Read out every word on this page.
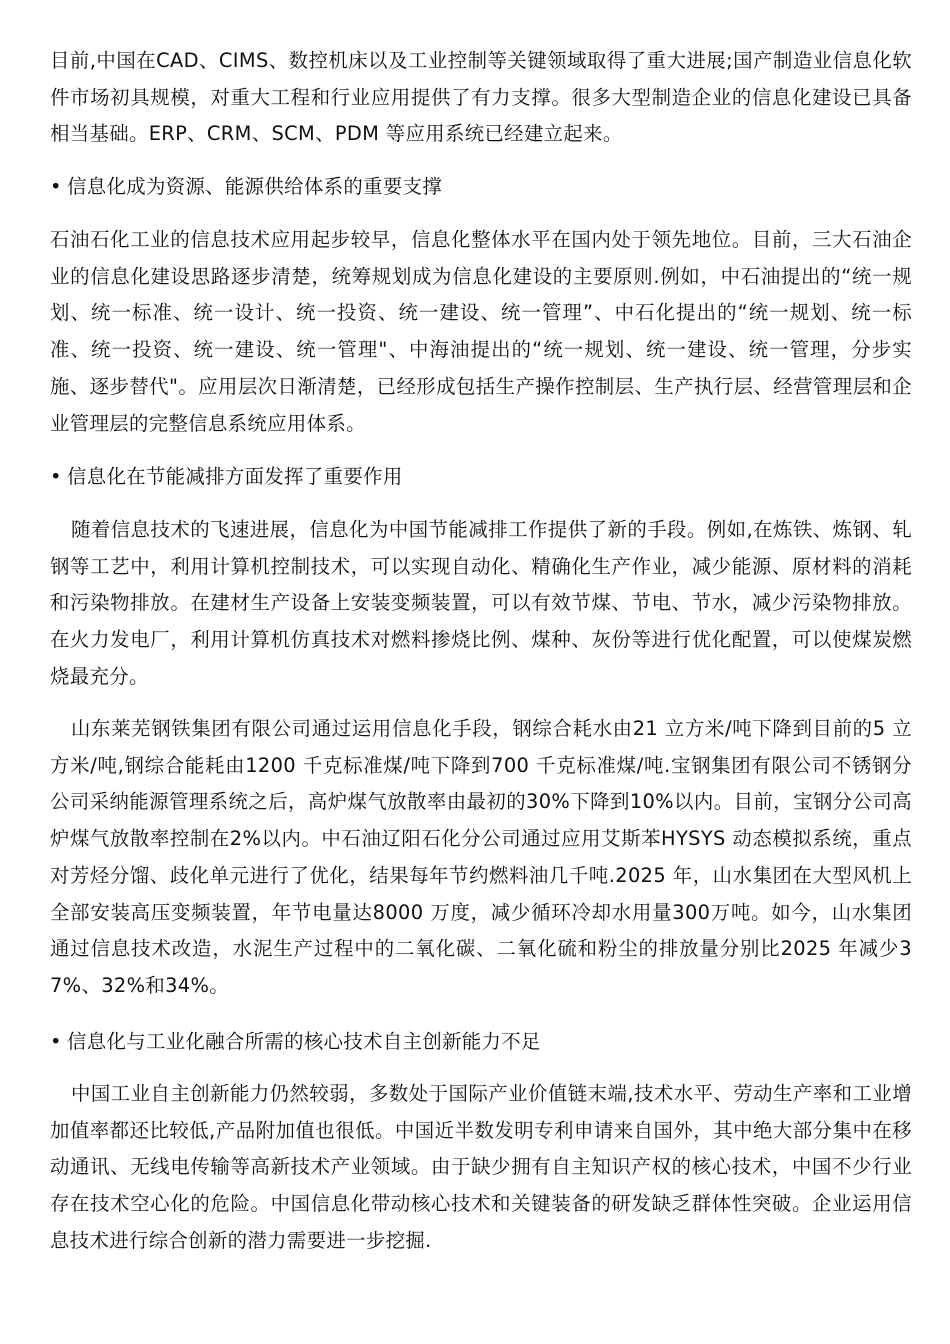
目前,中国在CAD、CIMS、数控机床以及工业控制等关键领域取得了重大进展;国产制造业信息化软件市场初具规模，对重大工程和行业应用提供了有力支撑。很多大型制造企业的信息化建设已具备相当基础。ERP、CRM、SCM、PDM 等应用系统已经建立起来。

• 信息化成为资源、能源供给体系的重要支撑

石油石化工业的信息技术应用起步较早，信息化整体水平在国内处于领先地位。目前，三大石油企业的信息化建设思路逐步清楚，统筹规划成为信息化建设的主要原则.例如，中石油提出的“统一规划、统一标准、统一设计、统一投资、统一建设、统一管理”、中石化提出的“统一规划、统一标准、统一投资、统一建设、统一管理"、中海油提出的“统一规划、统一建设、统一管理，分步实施、逐步替代"。应用层次日渐清楚，已经形成包括生产操作控制层、生产执行层、经营管理层和企业管理层的完整信息系统应用体系。

• 信息化在节能减排方面发挥了重要作用

随着信息技术的飞速进展，信息化为中国节能减排工作提供了新的手段。例如,在炼铁、炼钢、轧钢等工艺中，利用计算机控制技术，可以实现自动化、精确化生产作业，减少能源、原材料的消耗和污染物排放。在建材生产设备上安装变频装置，可以有效节煤、节电、节水，减少污染物排放。在火力发电厂，利用计算机仿真技术对燃料掺烧比例、煤种、灰份等进行优化配置，可以使煤炭燃烧最充分。

山东莱芜钢铁集团有限公司通过运用信息化手段，钢综合耗水由21 立方米/吨下降到目前的5 立方米/吨,钢综合能耗由1200 千克标准煤/吨下降到700 千克标准煤/吨.宝钢集团有限公司不锈钢分公司采纳能源管理系统之后，高炉煤气放散率由最初的30%下降到10%以内。目前，宝钢分公司高炉煤气放散率控制在2%以内。中石油辽阳石化分公司通过应用艾斯苯HYSYS 动态模拟系统，重点对芳烃分馏、歧化单元进行了优化，结果每年节约燃料油几千吨.2025 年，山水集团在大型风机上全部安装高压变频装置，年节电量达8000 万度，减少循环冷却水用量300万吨。如今，山水集团通过信息技术改造，水泥生产过程中的二氧化碳、二氧化硫和粉尘的排放量分别比2025 年减少37%、32%和34%。

• 信息化与工业化融合所需的核心技术自主创新能力不足

中国工业自主创新能力仍然较弱，多数处于国际产业价值链末端,技术水平、劳动生产率和工业增加值率都还比较低,产品附加值也很低。中国近半数发明专利申请来自国外，其中绝大部分集中在移动通讯、无线电传输等高新技术产业领域。由于缺少拥有自主知识产权的核心技术，中国不少行业存在技术空心化的危险。中国信息化带动核心技术和关键装备的研发缺乏群体性突破。企业运用信息技术进行综合创新的潜力需要进一步挖掘.
